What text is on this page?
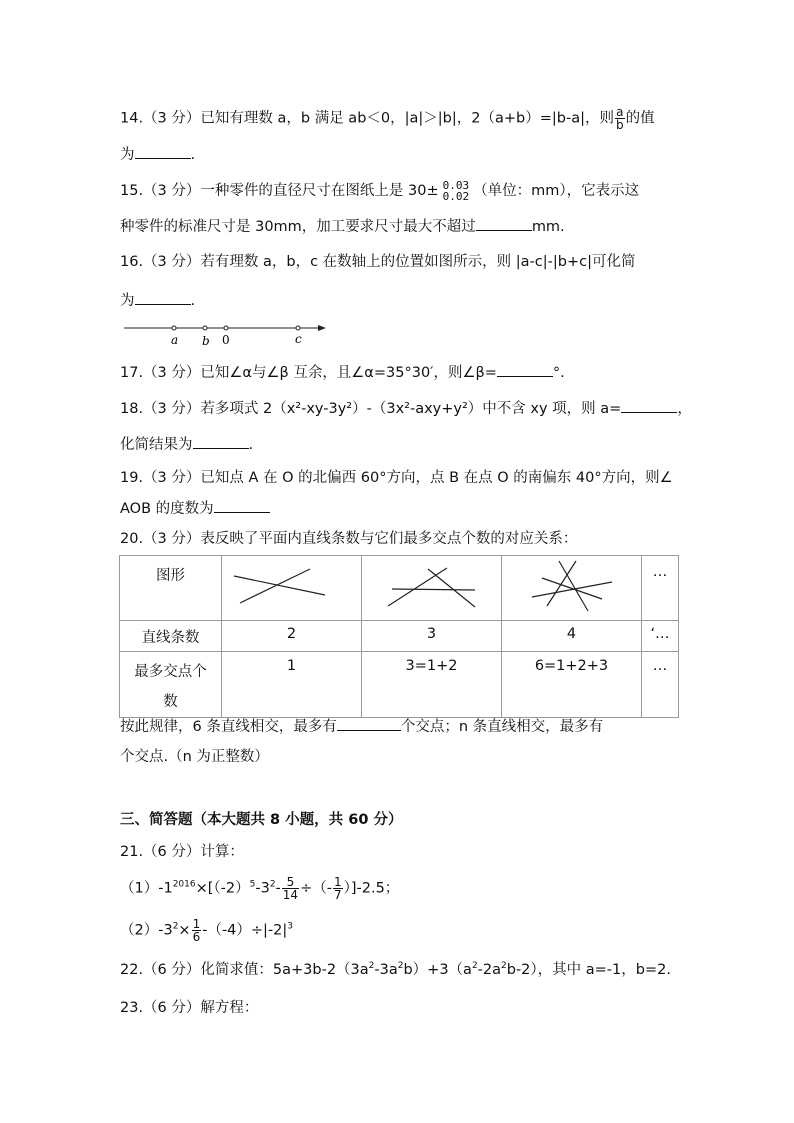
14.（3 分）已知有理数 a，b 满足 ab＜0，|a|＞|b|，2（a+b）=|b-a|，则 $\frac{a}{b}$ 的值
为	.
15.（3 分）一种零件的直径尺寸在图纸上是 30± 0.03
0.02 （单位：mm），它表示这
种零件的标准尺寸是 30mm，加工要求尺寸最大不超过	mm.
16.（3 分）若有理数 a，b，c 在数轴上的位置如图所示，则 |a-c|-|b+c|可化简
为	.
a b 0	c
17.（3 分）已知∠α与∠β 互余，且∠α=35°30′，则∠β=	°.
18.（3 分）若多项式 2（x²-xy-3y²）-（3x²-axy+y²）中不含 xy 项，则 a=	，
化简结果为	.
19.（3 分）已知点 A 在 O 的北偏西 60°方向，点 B 在点 O 的南偏东 40°方向，则∠
AOB 的度数为
20.（3 分）表反映了平面内直线条数与它们最多交点个数的对应关系：
图形				…

直线条数	2	3	4	‘…

最多交点个
数	1	3=1+2	6=1+2+3	…
按此规律，6 条直线相交，最多有	个交点；n 条直线相交，最多有
个交点.（n 为正整数）
三、简答题（本大题共 8 小题，共 60 分）
21.（6 分）计算：
$(1)-1^{2016}\times[(-2)^5-3^2- \frac{5}{14}$ ÷（- $\frac{1}{7} )]-2.5$；
$(2)-3^2\times \frac{1}{6} -(-4)\div|-2|^3$
22.（6 分）化简求值：$5a+3b-2(3a^2-3a^2b)+3(a^2-2a^2b-2)$，其中 a=-1，b=2.
23.（6 分）解方程：
